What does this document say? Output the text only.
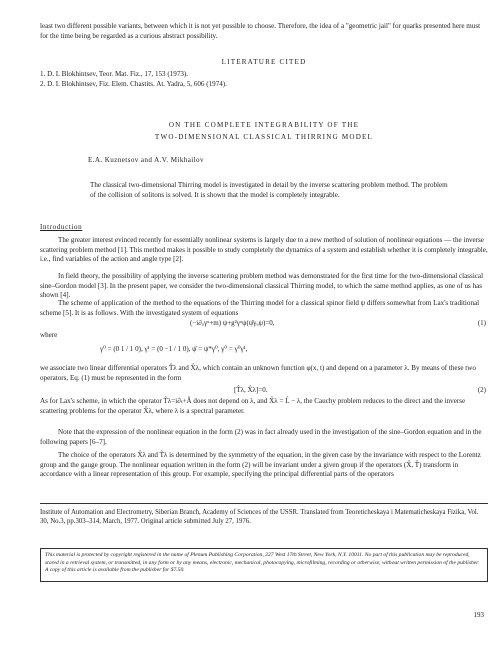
least two different possible variants, between which it is not yet possible to choose. Therefore, the idea of a "geometric jail" for quarks presented here must for the time being be regarded as a curious abstract possibility.

LITERATURE CITED

1. D. I. Blokhintsev, Teor. Mat. Fiz., 17, 153 (1973).

2. D. I. Blokhintsev, Fiz. Elem. Chastits. At. Yadra, 5, 606 (1974).

ON THE COMPLETE INTEGRABILITY OF THE

TWO-DIMENSIONAL CLASSICAL THIRRING MODEL

E.A. Kuznetsov and A.V. Mikhailov

The classical two-dimensional Thirring model is investigated in detail by the inverse scattering problem method. The problem of the collision of solitons is solved. It is shown that the model is completely integrable.

Introduction

The greater interest evinced recently for essentially nonlinear systems is largely due to a new method of solution of nonlinear equations — the inverse scattering problem method [1]. This method makes it possible to study completely the dynamics of a system and establish whether it is completely integrable, i.e., find variables of the action and angle type [2].

In field theory, the possibility of applying the inverse scattering problem method was demonstrated for the first time for the two-dimensional classical sine–Gordon model [3]. In the present paper, we consider the two-dimensional classical Thirring model, to which the same method applies, as one of us has shown [4].

The scheme of application of the method to the equations of the Thirring model for a classical spinor field ψ differs somewhat from Lax's traditional scheme [5]. It is as follows. With the investigated system of equations

(−i∂ᵤγᵘ+m) ψ+g²γᵘψ(ψ̄γᵤψ)=0,	(1)

where

γ⁰ = (0 1 / 1 0), γ¹ = (0 −1 / 1 0), ψ̄ = ψ*γ⁰, γ⁰ = γ⁰γ¹,

we associate two linear differential operators T̂λ and X̂λ, which contain an unknown function φ(x, t) and depend on a parameter λ. By means of these two operators, Eq. (1) must be represented in the form

[T̂λ, X̂λ]=0.	(2)

As for Lax's scheme, in which the operator T̂λ=i∂ₜ+Â does not depend on λ, and X̂λ = L̂ − λ, the Cauchy problem reduces to the direct and the inverse scattering problems for the operator X̂λ, where λ is a spectral parameter.

Note that the expression of the nonlinear equation in the form (2) was in fact already used in the investigation of the sine–Gordon equation and in the following papers [6–7].

The choice of the operators X̂λ and T̂λ is determined by the symmetry of the equation, in the given case by the invariance with respect to the Lorentz group and the gauge group. The nonlinear equation written in the form (2) will be invariant under a given group if the operators (X̂, T̂) transform in accordance with a linear representation of this group. For example, specifying the principal differential parts of the operators

Institute of Automation and Electrometry, Siberian Branch, Academy of Sciences of the USSR. Translated from Teoreticheskaya i Matematicheskaya Fizika, Vol. 30, No.3, pp.303–314, March, 1977. Original article submitted July 27, 1976.

This material is protected by copyright registered in the name of Plenum Publishing Corporation, 227 West 17th Street, New York, N.Y. 10011. No part of this publication may be reproduced, stored in a retrieval system, or transmitted, in any form or by any means, electronic, mechanical, photocopying, microfilming, recording or otherwise, without written permission of the publisher. A copy of this article is available from the publisher for $7.50.

193
